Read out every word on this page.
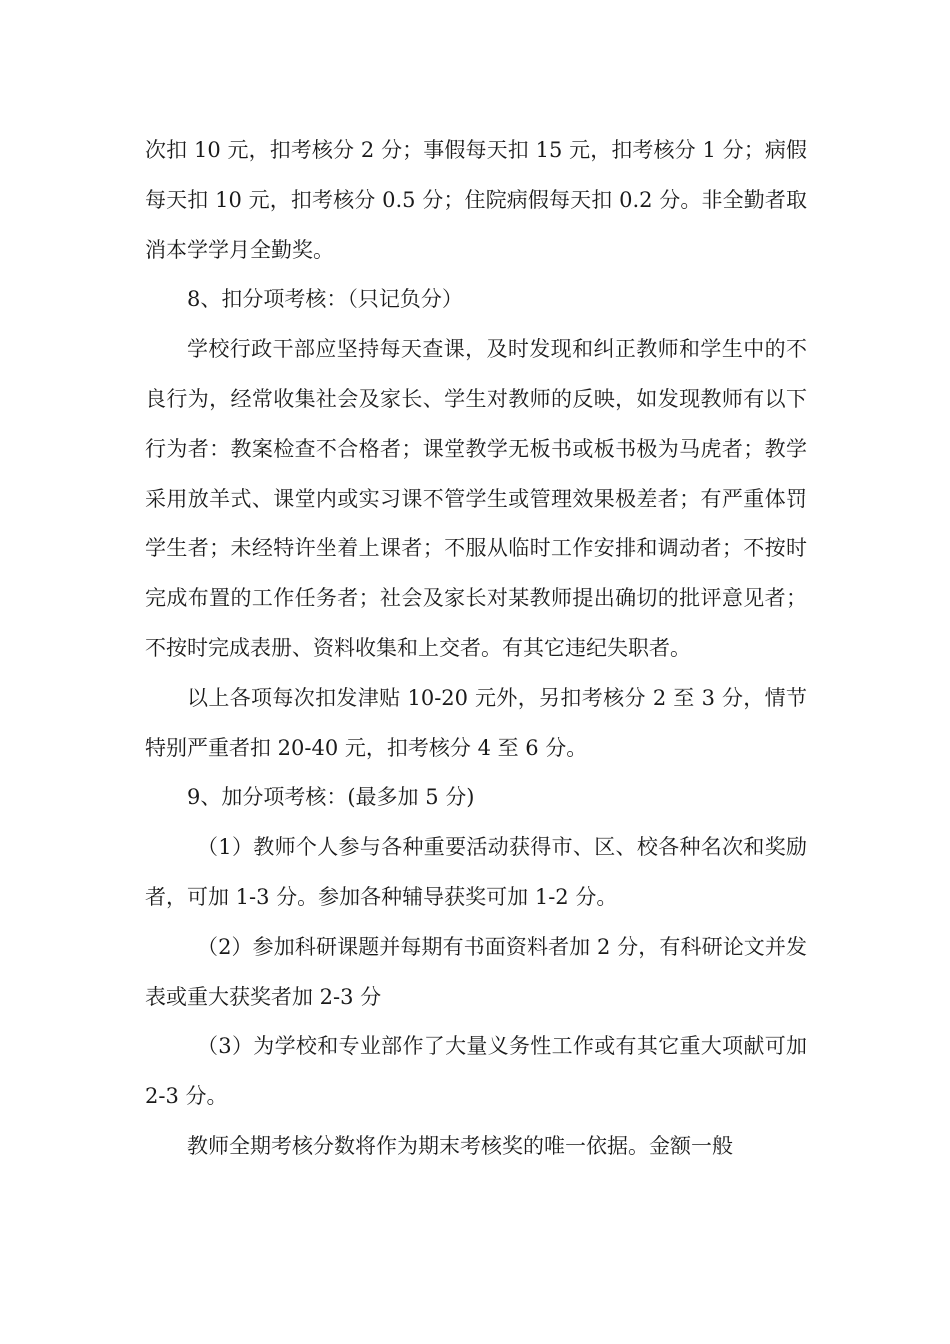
次扣 10 元，扣考核分 2 分；事假每天扣 15 元，扣考核分 1 分；病假每天扣 10 元，扣考核分 0.5 分；住院病假每天扣 0.2 分。非全勤者取消本学学月全勤奖。

8、扣分项考核：（只记负分）

学校行政干部应坚持每天查课，及时发现和纠正教师和学生中的不良行为，经常收集社会及家长、学生对教师的反映，如发现教师有以下行为者：教案检查不合格者；课堂教学无板书或板书极为马虎者；教学采用放羊式、课堂内或实习课不管学生或管理效果极差者；有严重体罚学生者；未经特许坐着上课者；不服从临时工作安排和调动者；不按时完成布置的工作任务者；社会及家长对某教师提出确切的批评意见者；不按时完成表册、资料收集和上交者。有其它违纪失职者。

以上各项每次扣发津贴 10-20 元外，另扣考核分 2 至 3 分，情节特别严重者扣 20-40 元，扣考核分 4 至 6 分。

9、加分项考核：(最多加 5 分)

（1）教师个人参与各种重要活动获得市、区、校各种名次和奖励者，可加 1-3 分。参加各种辅导获奖可加 1-2 分。

（2）参加科研课题并每期有书面资料者加 2 分，有科研论文并发表或重大获奖者加 2-3 分

（3）为学校和专业部作了大量义务性工作或有其它重大项献可加 2-3 分。

教师全期考核分数将作为期末考核奖的唯一依据。金额一般
